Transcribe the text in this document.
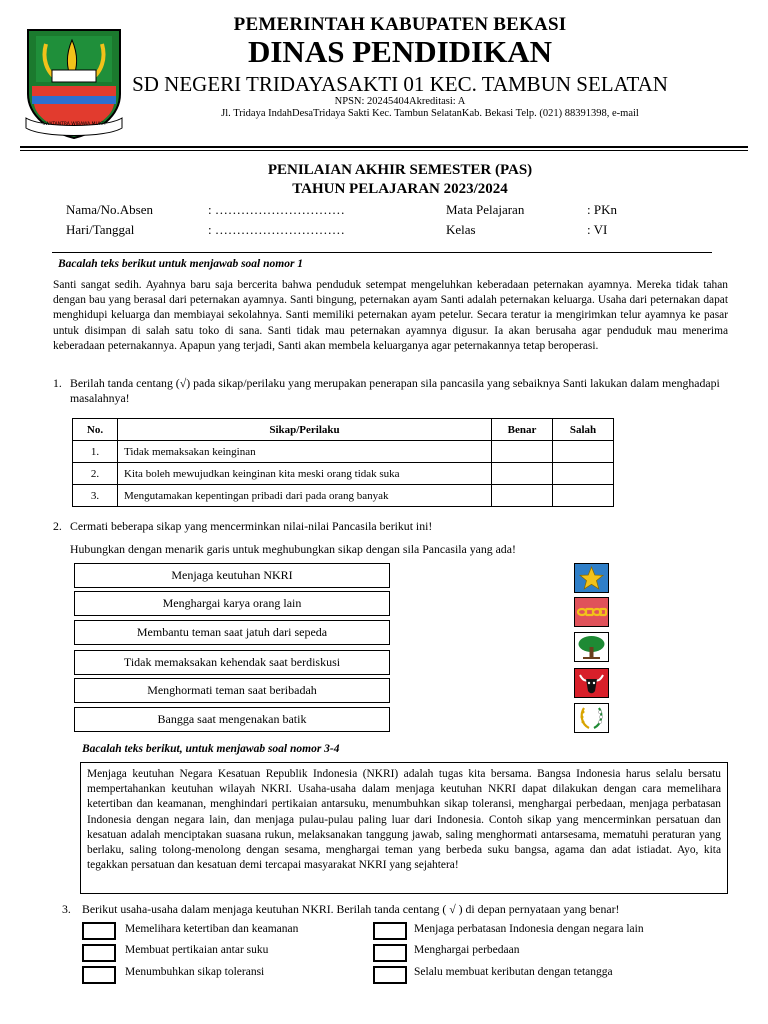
SWATANTRA WIBAWA MUKTI
PEMERINTAH KABUPATEN BEKASI
DINAS PENDIDIKAN
SD NEGERI TRIDAYASAKTI 01 KEC. TAMBUN SELATAN
NPSN: 20245404Akreditasi: A
Jl. Tridaya IndahDesaTridaya Sakti Kec. Tambun SelatanKab. Bekasi Telp. (021) 88391398, e-mail
PENILAIAN AKHIR SEMESTER (PAS)
TAHUN PELAJARAN 2023/2024
Nama/No.Absen	: …………………………	Mata Pelajaran	: PKn
Hari/Tanggal	: …………………………	Kelas	: VI
Bacalah teks berikut untuk menjawab soal nomor 1
Santi sangat sedih. Ayahnya baru saja bercerita bahwa penduduk setempat mengeluhkan keberadaan peternakan ayamnya. Mereka tidak tahan dengan bau yang berasal dari peternakan ayamnya. Santi bingung, peternakan ayam Santi adalah peternakan keluarga. Usaha dari peternakan dapat menghidupi keluarga dan membiayai sekolahnya. Santi memiliki peternakan ayam petelur. Secara teratur ia mengirimkan telur ayamnya ke pasar untuk disimpan di salah satu toko di sana. Santi tidak mau peternakan ayamnya digusur. Ia akan berusaha agar penduduk mau menerima keberadaan peternakannya. Apapun yang terjadi, Santi akan membela keluarganya agar peternakannya tetap beroperasi.
1. Berilah tanda centang (√) pada sikap/perilaku yang merupakan penerapan sila pancasila yang sebaiknya Santi lakukan dalam menghadapi masalahnya!
No.	Sikap/Perilaku	Benar	Salah
1.	Tidak memaksakan keinginan		
2.	Kita boleh mewujudkan keinginan kita meski orang tidak suka		
3.	Mengutamakan kepentingan pribadi dari pada orang banyak		
2. Cermati beberapa sikap yang mencerminkan nilai-nilai Pancasila berikut ini!
Hubungkan dengan menarik garis untuk meghubungkan sikap dengan sila Pancasila yang ada!
Menjaga keutuhan NKRI
Menghargai karya orang lain
Membantu teman saat jatuh dari sepeda
Tidak memaksakan kehendak saat berdiskusi
Menghormati teman saat beribadah
Bangga saat mengenakan batik
Bacalah teks berikut, untuk menjawab soal nomor 3-4
Menjaga keutuhan Negara Kesatuan Republik Indonesia (NKRI) adalah tugas kita bersama. Bangsa Indonesia harus selalu bersatu mempertahankan keutuhan wilayah NKRI. Usaha-usaha dalam menjaga keutuhan NKRI dapat dilakukan dengan cara memelihara ketertiban dan keamanan, menghindari pertikaian antarsuku, menumbuhkan sikap toleransi, menghargai perbedaan, menjaga perbatasan Indonesia dengan negara lain, dan menjaga pulau-pulau paling luar dari Indonesia. Contoh sikap yang mencerminkan persatuan dan kesatuan adalah menciptakan suasana rukun, melaksanakan tanggung jawab, saling menghormati antarsesama, mematuhi peraturan yang berlaku, saling tolong-menolong dengan sesama, menghargai teman yang berbeda suku bangsa, agama dan adat istiadat. Ayo, kita tegakkan persatuan dan kesatuan demi tercapai masyarakat NKRI yang sejahtera!
3. Berikut usaha-usaha dalam menjaga keutuhan NKRI. Berilah tanda centang ( √ ) di depan pernyataan yang benar!
Memelihara ketertiban dan keamanan
Membuat pertikaian antar suku
Menumbuhkan sikap toleransi
Menjaga perbatasan Indonesia dengan negara lain
Menghargai perbedaan
Selalu membuat keributan dengan tetangga
